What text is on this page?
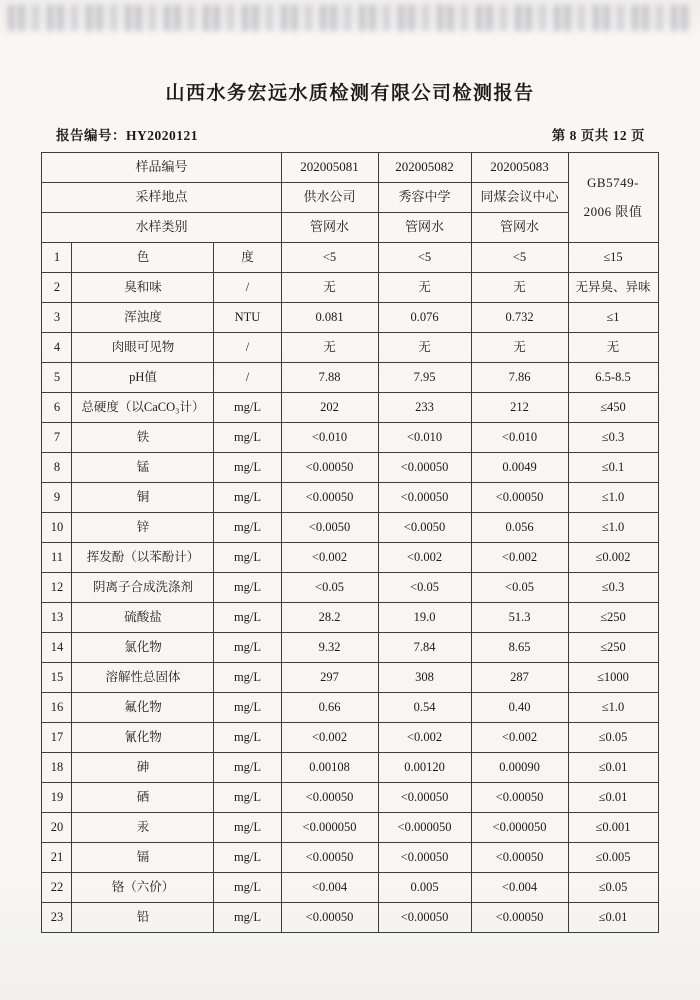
山西水务宏远水质检测有限公司检测报告
报告编号：HY2020121	第 8 页共 12 页
样品编号			202005081	202005082	202005083	GB5749-
2006 限值

采样地点			供水公司	秀容中学	同煤会议中心	
水样类别			管网水	管网水	管网水	
1	色	度	<5	<5	<5	≤15
2	臭和味	/	无	无	无	无异臭、异味
3	浑浊度	NTU	0.081	0.076	0.732	≤1
4	肉眼可见物	/	无	无	无	无
5	pH值	/	7.88	7.95	7.86	6.5-8.5
6	总硬度（以CaCO₃计）	mg/L	202	233	212	≤450
7	铁	mg/L	<0.010	<0.010	<0.010	≤0.3
8	锰	mg/L	<0.00050	<0.00050	0.0049	≤0.1
9	铜	mg/L	<0.00050	<0.00050	<0.00050	≤1.0
10	锌	mg/L	<0.0050	<0.0050	0.056	≤1.0
11	挥发酚（以苯酚计）	mg/L	<0.002	<0.002	<0.002	≤0.002
12	阴离子合成洗涤剂	mg/L	<0.05	<0.05	<0.05	≤0.3
13	硫酸盐	mg/L	28.2	19.0	51.3	≤250
14	氯化物	mg/L	9.32	7.84	8.65	≤250
15	溶解性总固体	mg/L	297	308	287	≤1000
16	氟化物	mg/L	0.66	0.54	0.40	≤1.0
17	氰化物	mg/L	<0.002	<0.002	<0.002	≤0.05
18	砷	mg/L	0.00108	0.00120	0.00090	≤0.01
19	硒	mg/L	<0.00050	<0.00050	<0.00050	≤0.01
20	汞	mg/L	<0.000050	<0.000050	<0.000050	≤0.001
21	镉	mg/L	<0.00050	<0.00050	<0.00050	≤0.005
22	铬（六价）	mg/L	<0.004	0.005	<0.004	≤0.05
23	铅	mg/L	<0.00050	<0.00050	<0.00050	≤0.01
